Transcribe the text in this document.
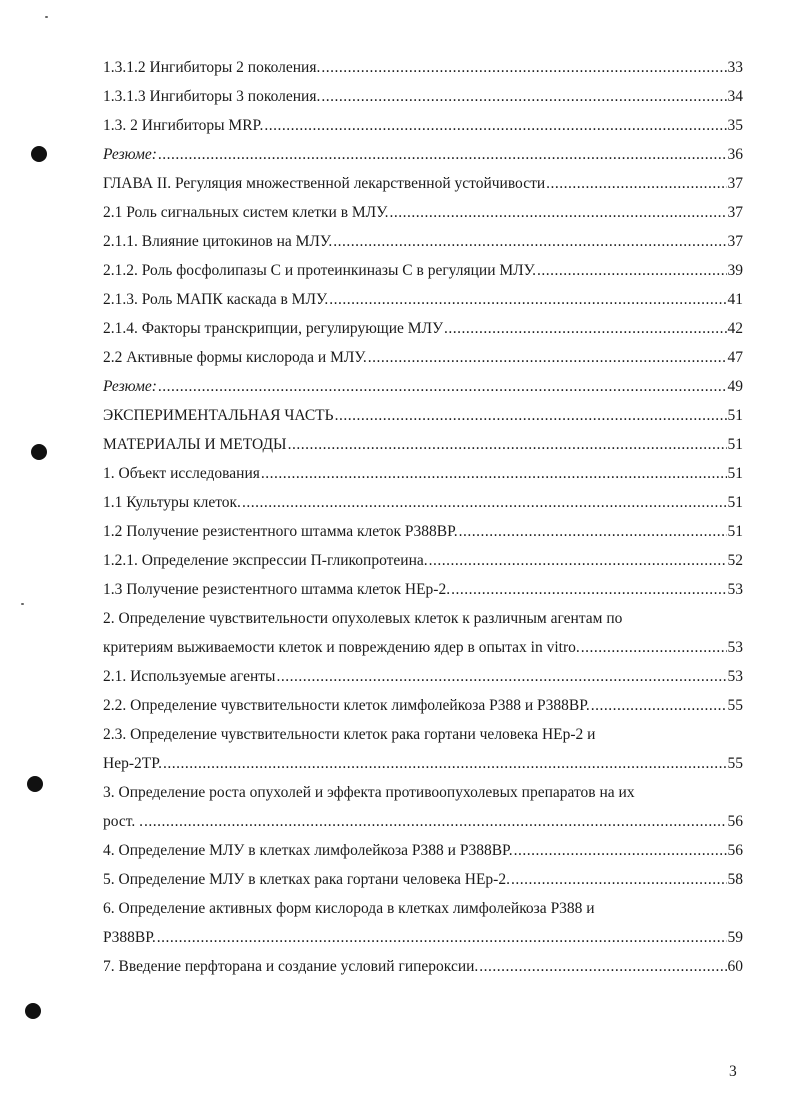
1.3.1.2 Ингибиторы 2 поколения. .....	33
1.3.1.3 Ингибиторы 3 поколения. .....	34
1.3. 2 Ингибиторы MRP. .....	35
Резюме: .....	36
ГЛАВА II. Регуляция множественной лекарственной устойчивости .....	37
2.1 Роль сигнальных систем клетки в МЛУ. .....	37
2.1.1. Влияние цитокинов на МЛУ. .....	37
2.1.2. Роль фосфолипазы С и протеинкиназы С в регуляции МЛУ. .....	39
2.1.3. Роль МАПК каскада в МЛУ. .....	41
2.1.4. Факторы транскрипции, регулирующие МЛУ .....	42
2.2 Активные формы кислорода и МЛУ. .....	47
Резюме: .....	49
ЭКСПЕРИМЕНТАЛЬНАЯ ЧАСТЬ .....	51
МАТЕРИАЛЫ И МЕТОДЫ .....	51
1. Объект исследования .....	51
1.1 Культуры клеток. .....	51
1.2 Получение резистентного штамма клеток Р388ВР. .....	51
1.2.1. Определение экспрессии П-гликопротеина. .....	52
1.3 Получение резистентного штамма клеток НЕр-2. .....	53
2. Определение чувствительности опухолевых клеток к различным агентам по
критериям выживаемости клеток и повреждению ядер в опытах in vitro. .....	53
2.1. Используемые агенты .....	53
2.2. Определение чувствительности клеток лимфолейкоза Р388 и Р388ВР. .....	55
2.3. Определение чувствительности клеток рака гортани человека НЕр-2 и
Hep-2TP. .....	55
3. Определение роста опухолей и эффекта противоопухолевых препаратов на их
рост. . .....	56
4. Определение МЛУ в клетках лимфолейкоза Р388 и Р388ВР. .....	56
5. Определение МЛУ в клетках рака гортани человека НЕр-2. .....	58
6. Определение активных форм кислорода в клетках лимфолейкоза Р388 и
Р388ВР. .....	59
7. Введение перфторана и создание условий гипероксии. .....	60
3
